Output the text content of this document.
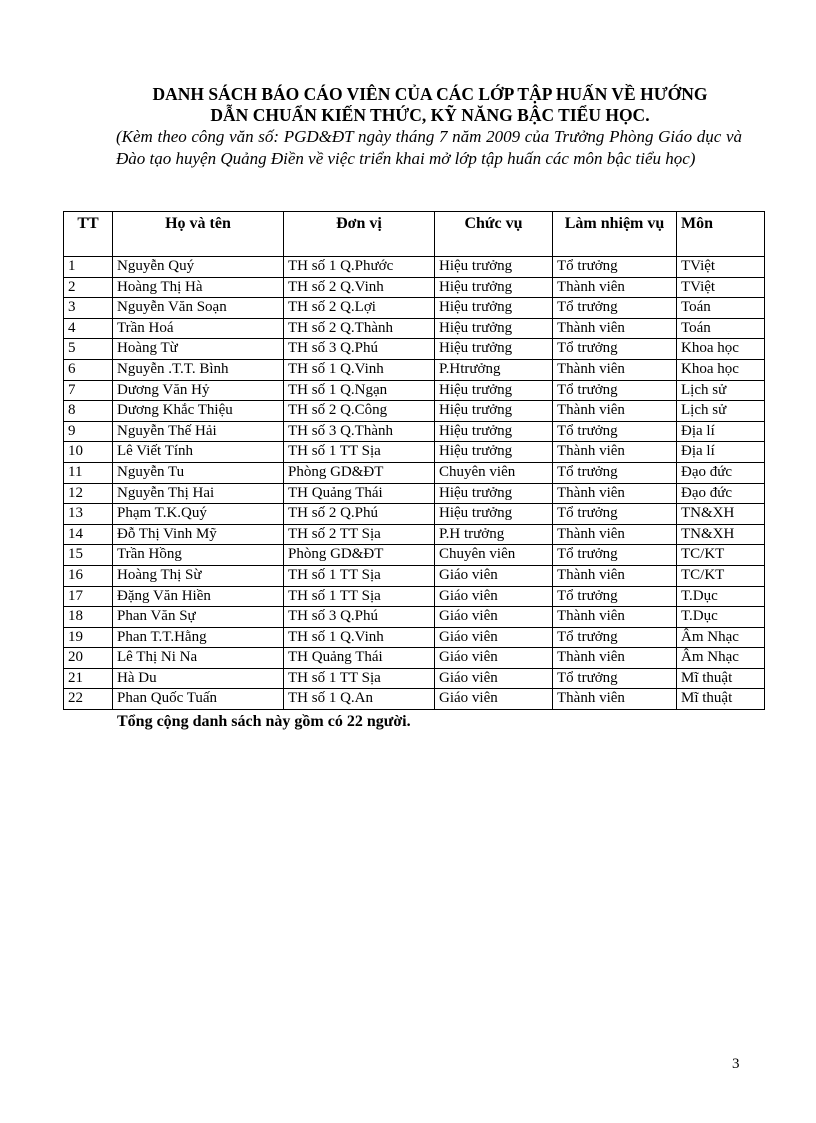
DANH SÁCH BÁO CÁO VIÊN CỦA CÁC LỚP TẬP HUẤN VỀ HƯỚNG
DẪN CHUẨN KIẾN THỨC, KỸ NĂNG BẬC TIỂU HỌC.
(Kèm theo công văn số: PGD&ĐT ngày tháng 7 năm 2009 của Trưởng Phòng Giáo dục và Đào tạo huyện Quảng Điền về việc triển khai mở lớp tập huấn các môn bậc tiểu học)
TT	Họ và tên	Đơn vị	Chức vụ	Làm nhiệm vụ	Môn
1	Nguyễn Quý	TH số 1 Q.Phước	Hiệu trưởng	Tổ trưởng	TViệt
2	Hoàng Thị Hà	TH số 2 Q.Vinh	Hiệu trưởng	Thành viên	TViệt
3	Nguyễn Văn Soạn	TH số 2 Q.Lợi	Hiệu trưởng	Tổ trưởng	Toán
4	Trần Hoá	TH số 2 Q.Thành	Hiệu trưởng	Thành viên	Toán
5	Hoàng Từ	TH số 3 Q.Phú	Hiệu trưởng	Tổ trưởng	Khoa học
6	Nguyễn .T.T. Bình	TH số 1 Q.Vinh	P.Htrưởng	Thành viên	Khoa học
7	Dương Văn Hỷ	TH số 1 Q.Ngạn	Hiệu trưởng	Tổ trưởng	Lịch sử
8	Dương Khắc Thiệu	TH số 2 Q.Công	Hiệu trưởng	Thành viên	Lịch sử
9	Nguyễn Thế Hải	TH số 3 Q.Thành	Hiệu trưởng	Tổ trưởng	Địa lí
10	Lê Viết Tính	TH số 1 TT Sịa	Hiệu trưởng	Thành viên	Địa lí
11	Nguyễn Tu	Phòng GD&ĐT	Chuyên viên	Tổ trưởng	Đạo đức
12	Nguyễn Thị Hai	TH Quảng Thái	Hiệu trưởng	Thành viên	Đạo đức
13	Phạm T.K.Quý	TH số 2 Q.Phú	Hiệu trưởng	Tổ trưởng	TN&XH
14	Đỗ Thị Vinh Mỹ	TH số 2 TT Sịa	P.H trưởng	Thành viên	TN&XH
15	Trần Hồng	Phòng GD&ĐT	Chuyên viên	Tổ trưởng	TC/KT
16	Hoàng Thị Sừ	TH số 1 TT Sịa	Giáo viên	Thành viên	TC/KT
17	Đặng Văn Hiền	TH số 1 TT Sịa	Giáo viên	Tổ trưởng	T.Dục
18	Phan Văn Sự	TH số 3 Q.Phú	Giáo viên	Thành viên	T.Dục
19	Phan T.T.Hằng	TH số 1 Q.Vinh	Giáo viên	Tổ trưởng	Âm Nhạc
20	Lê Thị Ni Na	TH Quảng Thái	Giáo viên	Thành viên	Âm Nhạc
21	Hà Du	TH số 1 TT Sịa	Giáo viên	Tổ trưởng	Mĩ thuật
22	Phan Quốc Tuấn	TH số 1 Q.An	Giáo viên	Thành viên	Mĩ thuật
Tổng cộng danh sách này gồm có 22 người.
3
